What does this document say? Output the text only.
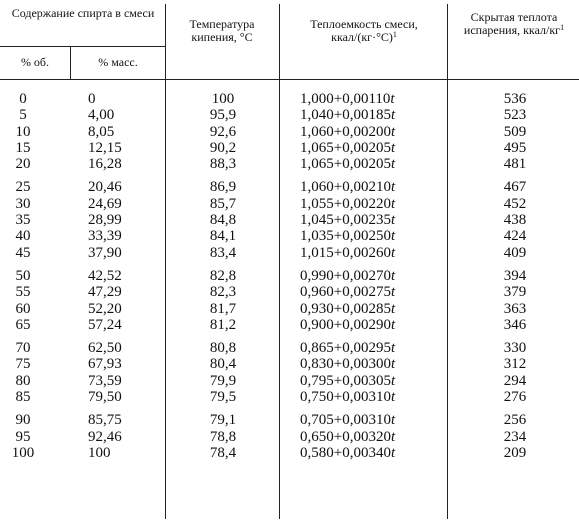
Содержание спирта в смеси
% об.	% масс.
Температура кипения, °С
Теплоемкость смеси, ккал/$(кг\cdot^\circ С)^1$
Скрытая теплота испарения, ккал/$кг^1$
0	0	100	1,000+0,00110t	536
5	4,00	95,9	1,040+0,00185t	523
10	8,05	92,6	1,060+0,00200t	509
15	12,15	90,2	1,065+0,00205t	495
20	16,28	88,3	1,065+0,00205t	481
25	20,46	86,9	1,060+0,00210t	467
30	24,69	85,7	1,055+0,00220t	452
35	28,99	84,8	1,045+0,00235t	438
40	33,39	84,1	1,035+0,00250t	424
45	37,90	83,4	1,015+0,00260t	409
50	42,52	82,8	0,990+0,00270t	394
55	47,29	82,3	0,960+0,00275t	379
60	52,20	81,7	0,930+0,00285t	363
65	57,24	81,2	0,900+0,00290t	346
70	62,50	80,8	0,865+0,00295t	330
75	67,93	80,4	0,830+0,00300t	312
80	73,59	79,9	0,795+0,00305t	294
85	79,50	79,5	0,750+0,00310t	276
90	85,75	79,1	0,705+0,00310t	256
95	92,46	78,8	0,650+0,00320t	234
100	100	78,4	0,580+0,00340t	209
